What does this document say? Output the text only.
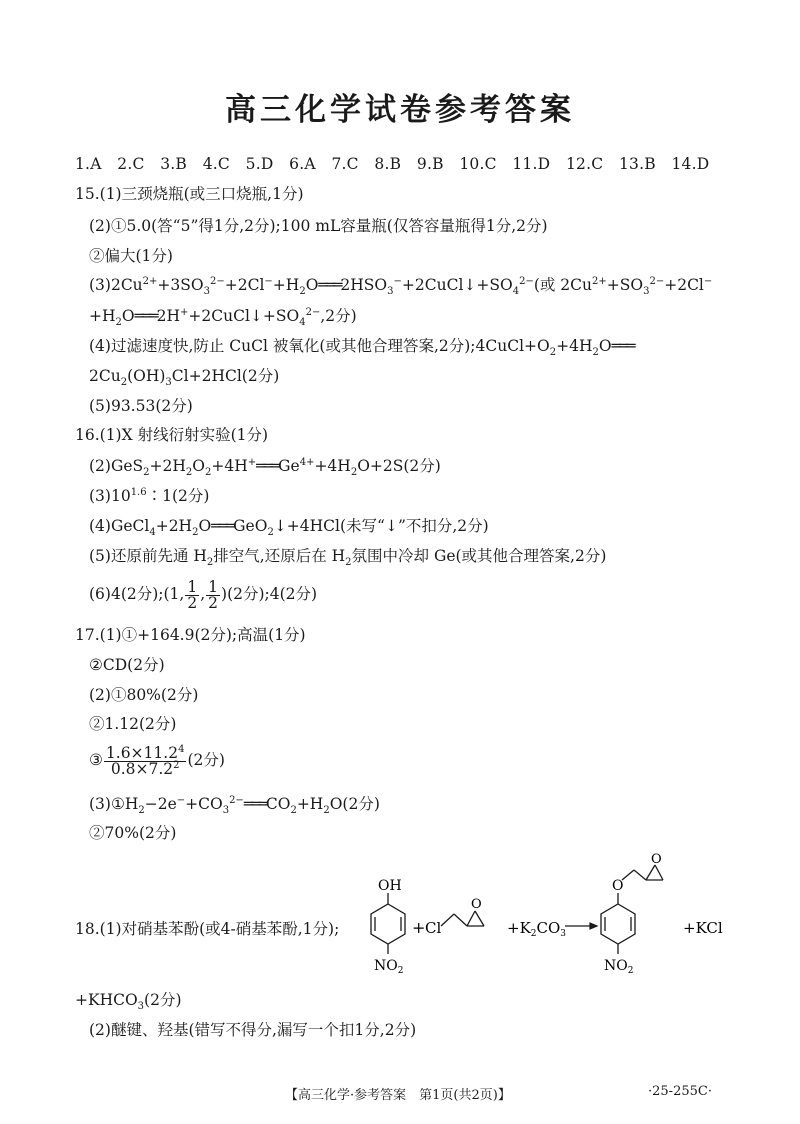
高三化学试卷参考答案
1.A　2.C　3.B　4.C　5.D　6.A　7.C　8.B　9.B　10.C　11.D　12.C　13.B　14.D
15.(1)三颈烧瓶(或三口烧瓶,1分)
(2)①5.0(答“5”得1分,2分);100 mL容量瓶(仅答容量瓶得1分,2分)
②偏大(1分)
$(3)2Cu^{2+}+3SO_3^{2-}+2Cl^-+H_2O═══2HSO_3^-+2CuCl↓+SO_4^{2-}$(或 $2Cu^{2+}+SO_3^{2-}+2Cl^-$
$+H_2O═══2H^++2CuCl↓+SO_4^{2-},2$分)
(4)过滤速度快,防止 CuCl 被氧化(或其他合理答案,2分)$;4CuCl+O_2+4H_2O═══$
$2Cu_2(OH)_3Cl+2HCl(2$分)
(5)93.53(2分)
16.(1)X 射线衍射实验(1分)
$(2)GeS_2+2H_2O_2+4H^+═══Ge^{4+}+4H_2O+2S(2$分)
$(3)10^{1.6}∶1(2$分)
$(4)GeCl_4+2H_2O═══GeO_2↓+4HCl$(未写“↓”不扣分,2分)
(5)还原前先通 $H_2$排空气,还原后在 $H_2$氛围中冷却 Ge(或其他合理答案,2分)
(6)4(2分);(1, $\frac{1}{2}$ , $\frac{1}{2} )(2$分);4(2分)
17.(1)①+164.9(2分);高温(1分)
②CD(2分)
(2)①80%(2分)
②1.12(2分)
③ $\frac{1.6\times 11.2^4}{0.8\times 7.2^2} (2$分)
$(3)①H_2-2e^-+CO_3^{2-}═══CO_2+H_2O(2$分)
②70%(2分)
18.(1)对硝基苯酚(或4-硝基苯酚,1分);
OH
$NO_2$
+ Cl
O
$+K_2CO_3$
O
O
$NO_2$
+KCl
$+KHCO_3(2$分)
(2)醚键、羟基(错写不得分,漏写一个扣1分,2分)
【高三化学·参考答案　第1页(共2页)】	·25-255C·
